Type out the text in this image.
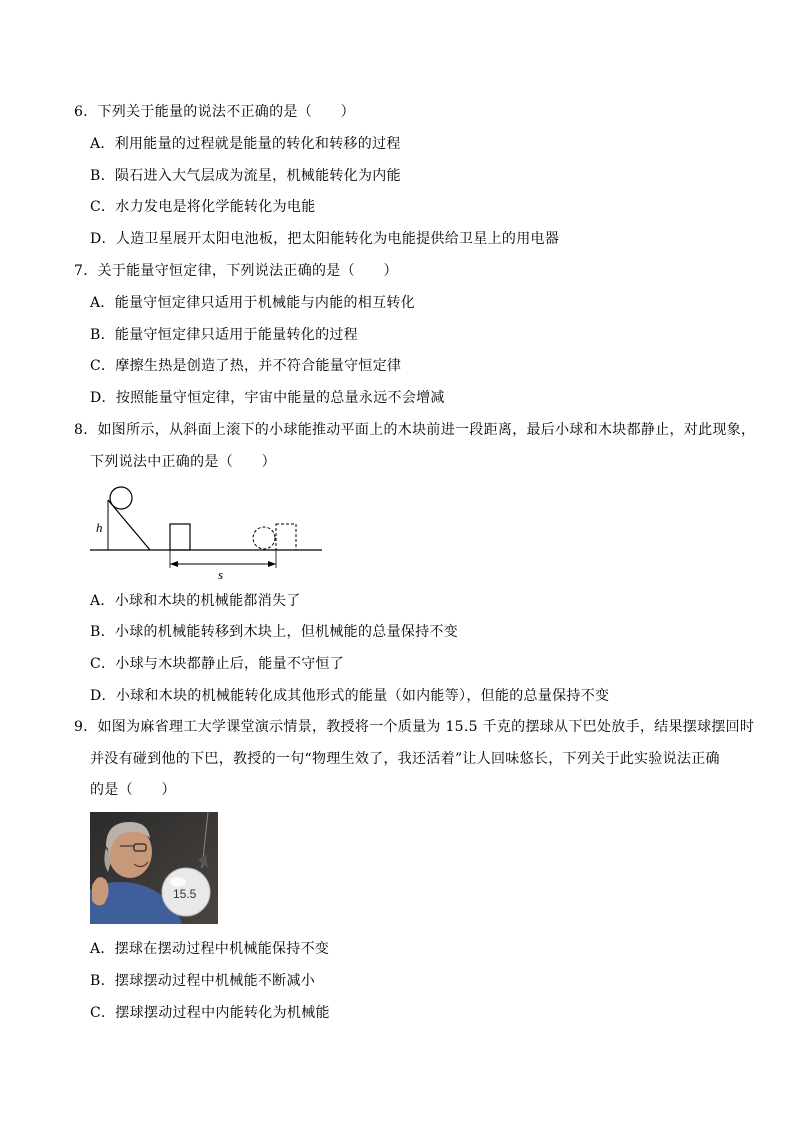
6．下列关于能量的说法不正确的是（　　）
A．利用能量的过程就是能量的转化和转移的过程
B．陨石进入大气层成为流星，机械能转化为内能
C．水力发电是将化学能转化为电能
D．人造卫星展开太阳电池板，把太阳能转化为电能提供给卫星上的用电器
7．关于能量守恒定律，下列说法正确的是（　　）
A．能量守恒定律只适用于机械能与内能的相互转化
B．能量守恒定律只适用于能量转化的过程
C．摩擦生热是创造了热，并不符合能量守恒定律
D．按照能量守恒定律，宇宙中能量的总量永远不会增减
8．如图所示，从斜面上滚下的小球能推动平面上的木块前进一段距离，最后小球和木块都静止，对此现象，
下列说法中正确的是（　　）
h
s
A．小球和木块的机械能都消失了
B．小球的机械能转移到木块上，但机械能的总量保持不变
C．小球与木块都静止后，能量不守恒了
D．小球和木块的机械能转化成其他形式的能量（如内能等），但能的总量保持不变
9．如图为麻省理工大学课堂演示情景，教授将一个质量为 15.5 千克的摆球从下巴处放手，结果摆球摆回时
并没有碰到他的下巴，教授的一句“物理生效了，我还活着”让人回味悠长，下列关于此实验说法正确
的是（　　）
15.5
A．摆球在摆动过程中机械能保持不变
B．摆球摆动过程中机械能不断减小
C．摆球摆动过程中内能转化为机械能
